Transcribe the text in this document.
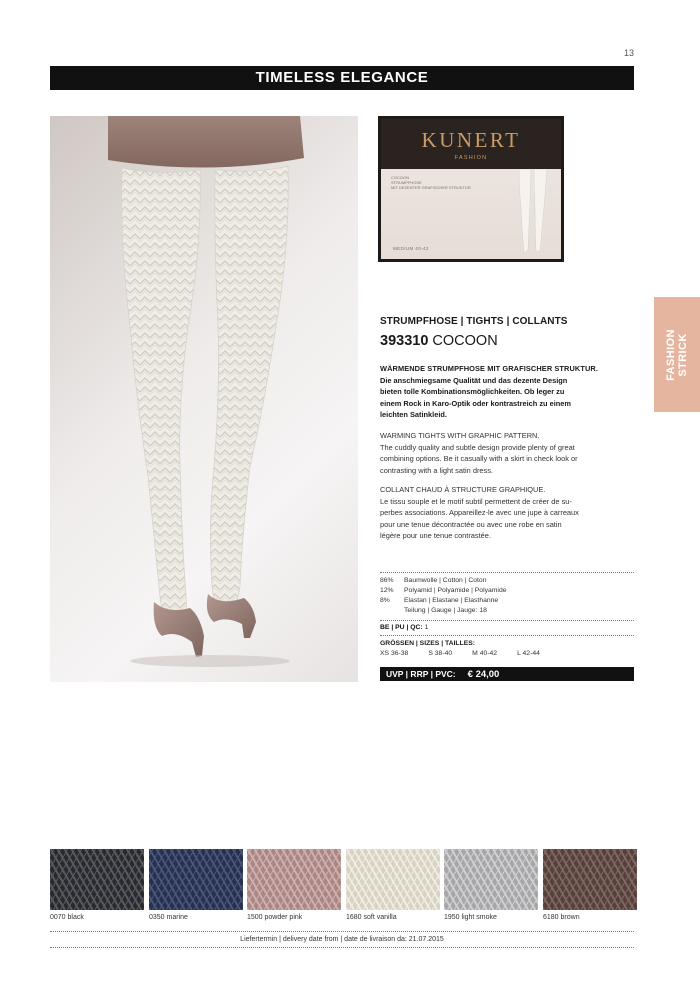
13
TIMELESS ELEGANCE
FASHION STRICK
KUNERT
FASHION
COCOON
STRUMPFHOSE
MIT DEZENTER GRAFISCHER STRUKTUR
MEDIUM 40-42
STRUMPFHOSE | TIGHTS | COLLANTS
393310 COCOON

WÄRMENDE STRUMPFHOSE MIT GRAFISCHER STRUKTUR.

Die anschmiegsame Qualität und das dezente Design

bieten tolle Kombinationsmöglichkeiten. Ob leger zu

einem Rock in Karo-Optik oder kontrastreich zu einem

leichten Satinkleid.

WARMING TIGHTS WITH GRAPHIC PATTERN.

The cuddly quality and subtle design provide plenty of great

combining options. Be it casually with a skirt in check look or

contrasting with a light satin dress.

COLLANT CHAUD À STRUCTURE GRAPHIQUE.

Le tissu souple et le motif subtil permettent de créer de su-

perbes associations. Appareillez-le avec une jupe à carreaux

pour une tenue décontractée ou avec une robe en satin

légère pour une tenue contrastée.

86%	Baumwolle | Cotton | Coton
12%	Polyamid | Polyamide | Polyamide
8%	Elastan | Elastane | Elasthanne
Teilung | Gauge | Jauge: 18
BE | PU | QC: 1
GRÖSSEN | SIZES | TAILLES:
XS 36-38	S 38-40	M 40-42	L 42-44
UVP | RRP | PVC: € 24,00
0070 black	0350 marine	1500 powder pink	1680 soft vanilla	1950 light smoke	6180 brown
Liefertermin | delivery date from | date de livraison da: 21.07.2015
